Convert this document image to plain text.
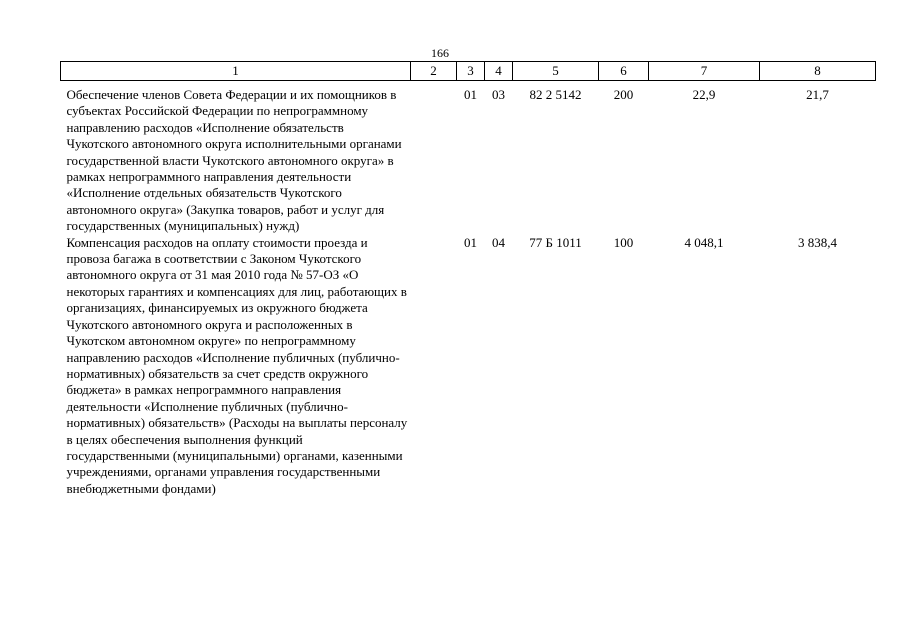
166
1	2	3	4	5	6	7	8
Обеспечение членов Совета Федерации и их помощников в субъектах Российской Федерации по непрограммному направлению расходов «Исполнение обязательств Чукотского автономного округа исполнительными органами государственной власти Чукотского автономного округа» в рамках непрограммного направления деятельности «Исполнение отдельных обязательств Чукотского автономного округа» (Закупка товаров, работ и услуг для государственных (муниципальных) нужд)		01	03	82 2 5142	200	22,9	21,7
Компенсация расходов на оплату стоимости проезда и провоза багажа в соответствии с Законом Чукотского автономного округа от 31 мая 2010 года № 57-ОЗ «О некоторых гарантиях и компенсациях для лиц, работающих в организациях, финансируемых из окружного бюджета Чукотского автономного округа и расположенных в Чукотском автономном округе» по непрограммному направлению расходов «Исполнение публичных (публично-нормативных) обязательств за счет средств окружного бюджета» в рамках непрограммного направления деятельности «Исполнение публичных (публично-нормативных) обязательств» (Расходы на выплаты персоналу в целях обеспечения выполнения функций государственными (муниципальными) органами, казенными учреждениями, органами управления государственными внебюджетными фондами)		01	04	77 Б 1011	100	4 048,1	3 838,4
